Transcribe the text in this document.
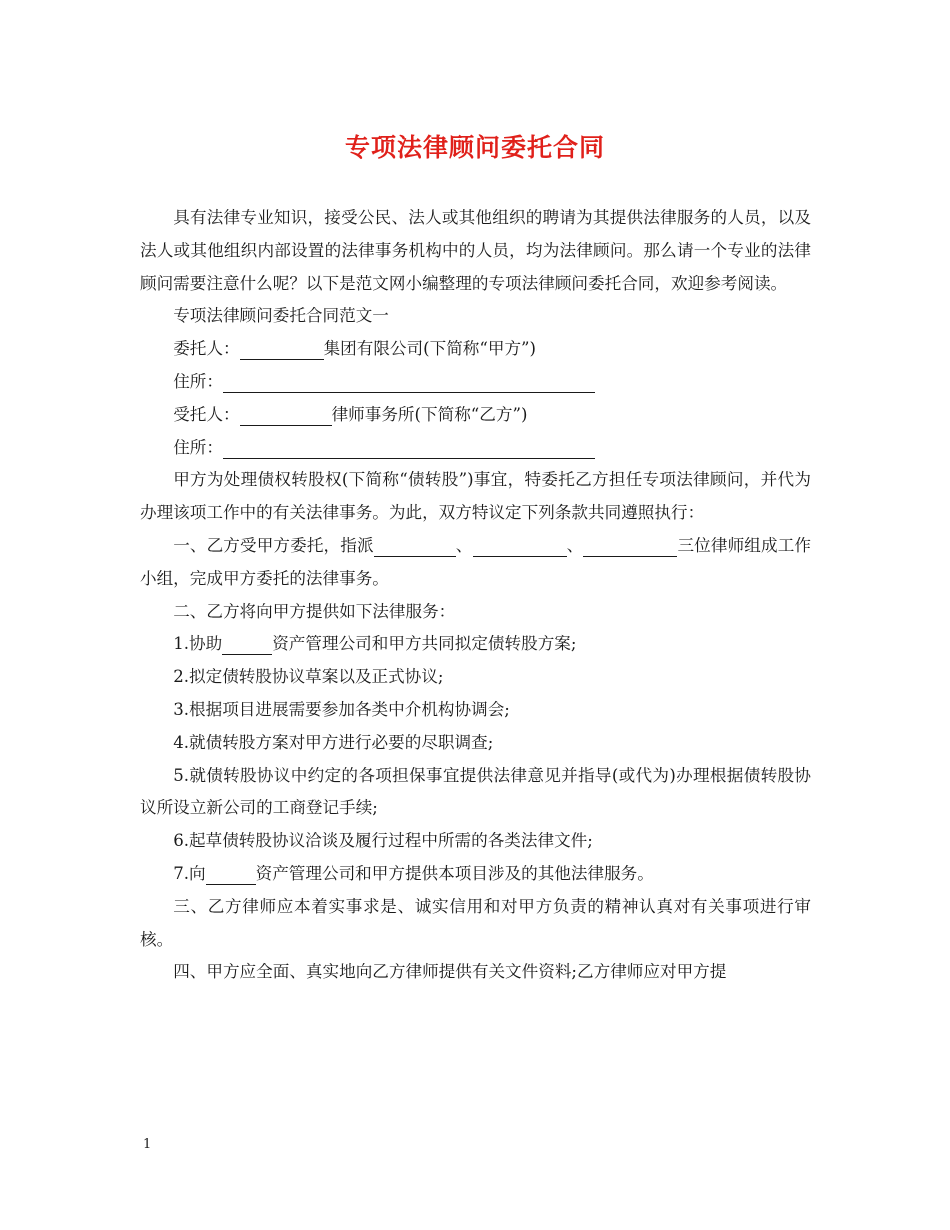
专项法律顾问委托合同

具有法律专业知识，接受公民、法人或其他组织的聘请为其提供法律服务的人员，以及法人或其他组织内部设置的法律事务机构中的人员，均为法律顾问。那么请一个专业的法律顾问需要注意什么呢？以下是范文网小编整理的专项法律顾问委托合同，欢迎参考阅读。

专项法律顾问委托合同范文一

委托人：	集团有限公司(下简称“甲方”)

住所：

受托人：	律师事务所(下简称“乙方”)

住所：

甲方为处理债权转股权(下简称“债转股”)事宜，特委托乙方担任专项法律顾问，并代为办理该项工作中的有关法律事务。为此，双方特议定下列条款共同遵照执行：

一、乙方受甲方委托，指派	、	、	三位律师组成工作小组，完成甲方委托的法律事务。

二、乙方将向甲方提供如下法律服务：

1.协助	资产管理公司和甲方共同拟定债转股方案;

2.拟定债转股协议草案以及正式协议;

3.根据项目进展需要参加各类中介机构协调会;

4.就债转股方案对甲方进行必要的尽职调查;

5.就债转股协议中约定的各项担保事宜提供法律意见并指导(或代为)办理根据债转股协议所设立新公司的工商登记手续;

6.起草债转股协议洽谈及履行过程中所需的各类法律文件;

7.向	资产管理公司和甲方提供本项目涉及的其他法律服务。

三、乙方律师应本着实事求是、诚实信用和对甲方负责的精神认真对有关事项进行审核。

四、甲方应全面、真实地向乙方律师提供有关文件资料;乙方律师应对甲方提

1
